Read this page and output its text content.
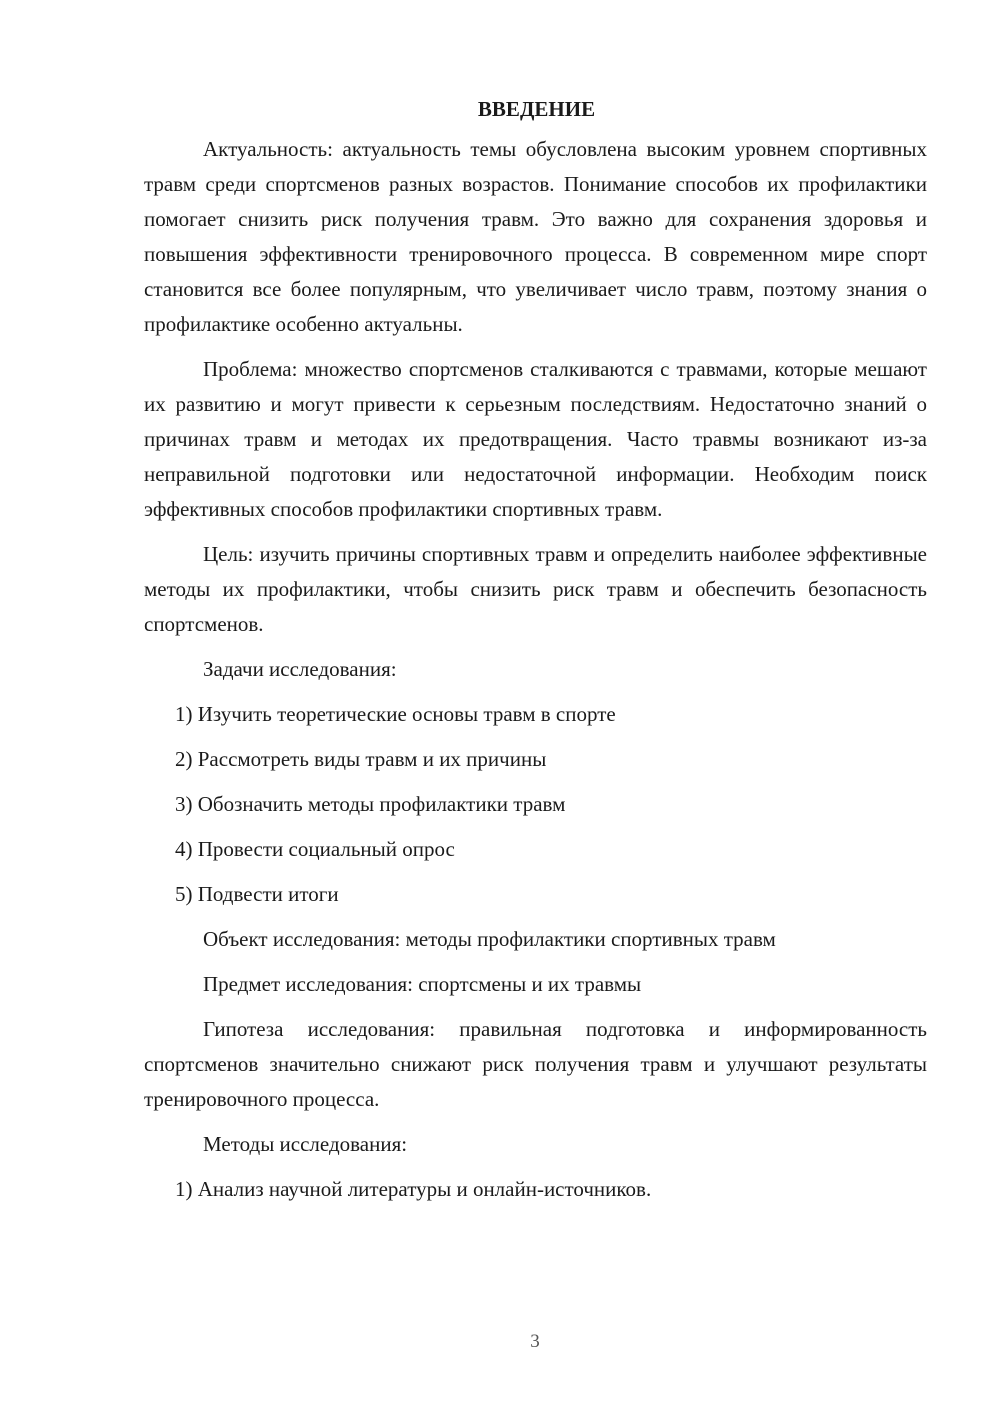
ВВЕДЕНИЕ
Актуальность: актуальность темы обусловлена высоким уровнем спортивных травм среди спортсменов разных возрастов. Понимание способов их профилактики помогает снизить риск получения травм. Это важно для сохранения здоровья и повышения эффективности тренировочного процесса. В современном мире спорт становится все более популярным, что увеличивает число травм, поэтому знания о профилактике особенно актуальны.
Проблема: множество спортсменов сталкиваются с травмами, которые мешают их развитию и могут привести к серьезным последствиям. Недостаточно знаний о причинах травм и методах их предотвращения. Часто травмы возникают из-за неправильной подготовки или недостаточной информации. Необходим поиск эффективных способов профилактики спортивных травм.
Цель: изучить причины спортивных травм и определить наиболее эффективные методы их профилактики, чтобы снизить риск травм и обеспечить безопасность спортсменов.
Задачи исследования:
1) Изучить теоретические основы травм в спорте
2) Рассмотреть виды травм и их причины
3) Обозначить методы профилактики травм
4) Провести социальный опрос
5) Подвести итоги
Объект исследования: методы профилактики спортивных травм
Предмет исследования: спортсмены и их травмы
Гипотеза исследования: правильная подготовка и информированность спортсменов значительно снижают риск получения травм и улучшают результаты тренировочного процесса.
Методы исследования:
1) Анализ научной литературы и онлайн-источников.
3
